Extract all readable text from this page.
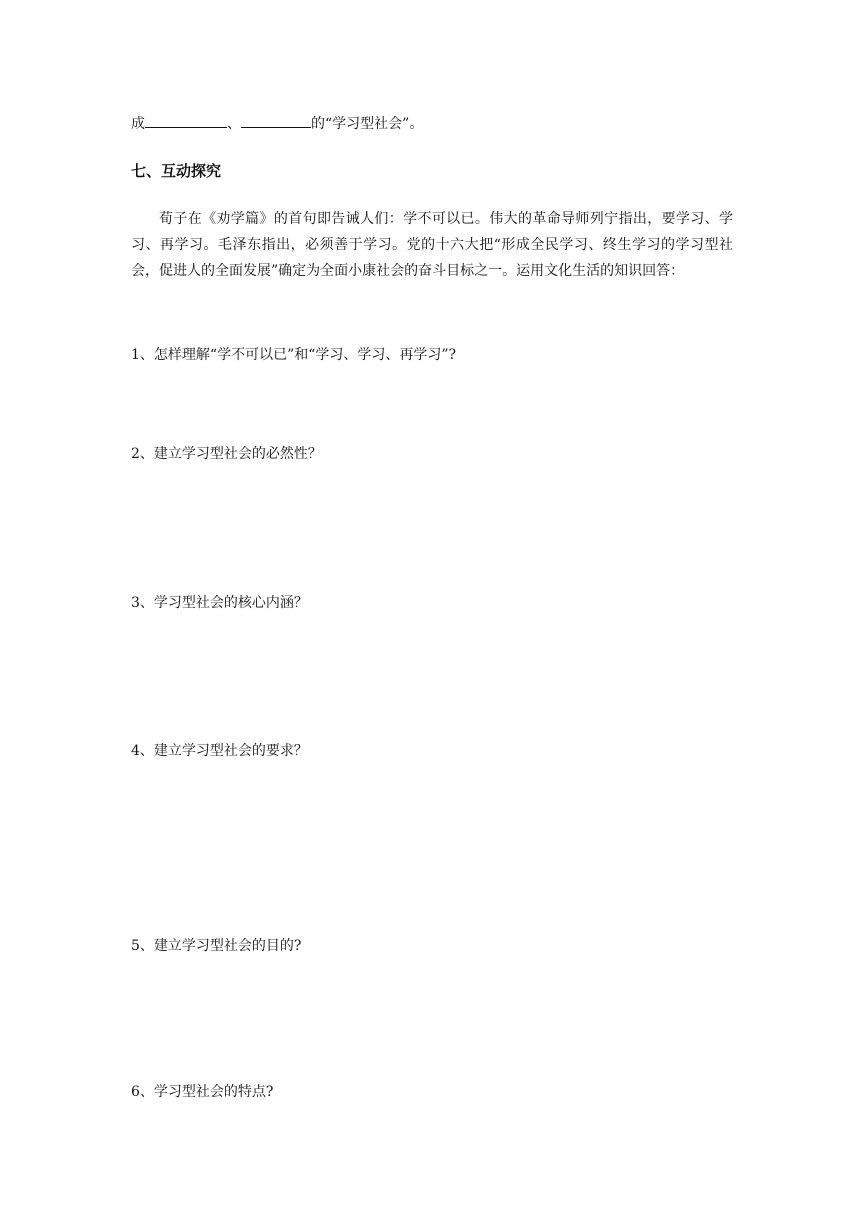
成	、	的“学习型社会”。
七、互动探究

荀子在《劝学篇》的首句即告诫人们：学不可以已。伟大的革命导师列宁指出，要学习、学习、再学习。毛泽东指出，必须善于学习。党的十六大把“形成全民学习、终生学习的学习型社会，促进人的全面发展”确定为全面小康社会的奋斗目标之一。运用文化生活的知识回答：

1、怎样理解“学不可以已”和“学习、学习、再学习”?
2、建立学习型社会的必然性？
3、学习型社会的核心内涵？
4、建立学习型社会的要求？
5、建立学习型社会的目的?
6、学习型社会的特点?
